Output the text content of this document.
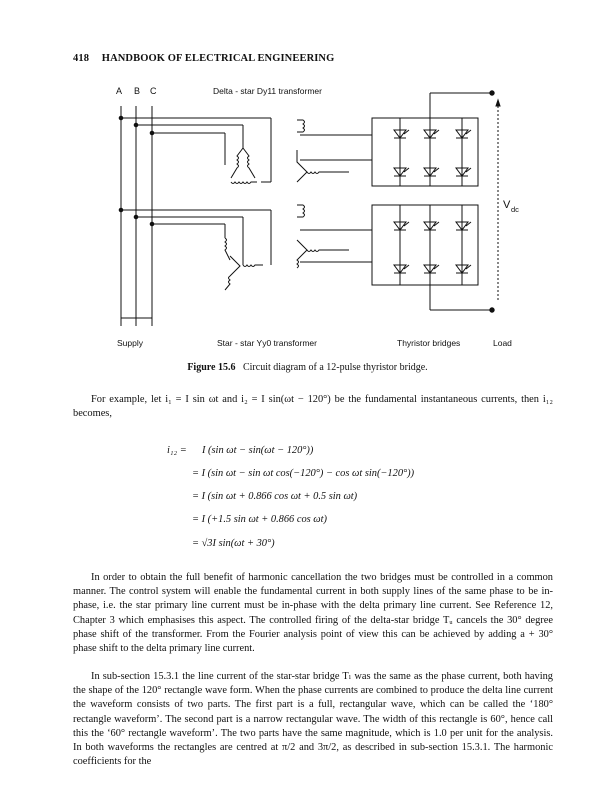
418 HANDBOOK OF ELECTRICAL ENGINEERING
A B C	Delta - star Dy11 transformer
V dc
Supply	Star - star Yy0 transformer	Thyristor bridges	Load
Figure 15.6 Circuit diagram of a 12-pulse thyristor bridge.

For example, let i₁ = I sin ωt and i₂ = I sin(ωt − 120°) be the fundamental instantaneous currents, then i₁₂ becomes,

i₁₂ = I (sin ωt − sin(ωt − 120°))
= I (sin ωt − sin ωt cos(−120°) − cos ωt sin(−120°))
= I (sin ωt + 0.866 cos ωt + 0.5 sin ωt)
= I (+1.5 sin ωt + 0.866 cos ωt)
= √3I sin(ωt + 30°)

In order to obtain the full benefit of harmonic cancellation the two bridges must be controlled in a common manner. The control system will enable the fundamental current in both supply lines of the same phase to be in-phase, i.e. the star primary line current must be in-phase with the delta primary line current. See Reference 12, Chapter 3 which emphasises this aspect. The controlled firing of the delta-star bridge Tᵤ cancels the 30° degree phase shift of the transformer. From the Fourier analysis point of view this can be achieved by adding a + 30° phase shift to the delta primary line current.

In sub-section 15.3.1 the line current of the star-star bridge Tₗ was the same as the phase current, both having the shape of the 120° rectangle wave form. When the phase currents are combined to produce the delta line current the waveform consists of two parts. The first part is a full, rectangular wave, which can be called the ‘180° rectangle waveform’. The second part is a narrow rectangular wave. The width of this rectangle is 60°, hence call this the ‘60° rectangle waveform’. The two parts have the same magnitude, which is 1.0 per unit for the analysis. In both waveforms the rectangles are centred at π/2 and 3π/2, as described in sub-section 15.3.1. The harmonic coefficients for the
